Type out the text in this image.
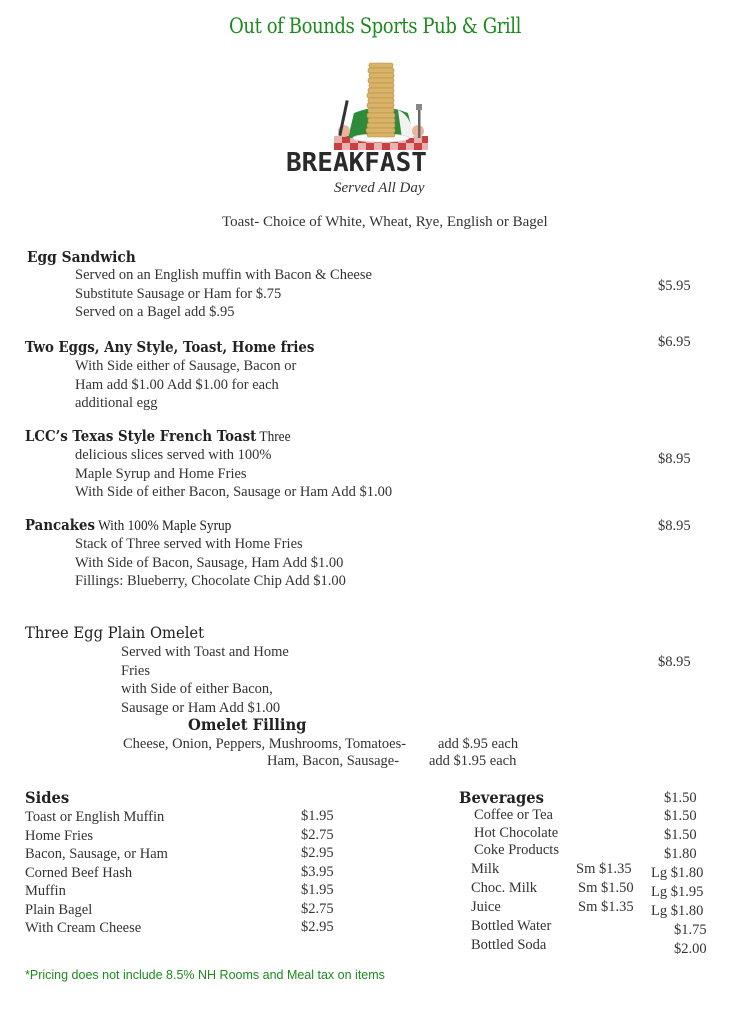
Out of Bounds Sports Pub & Grill
BREAKFAST
Served All Day
Toast- Choice of White, Wheat, Rye, English or Bagel
Egg Sandwich
Served on an English muffin with Bacon & Cheese
Substitute Sausage or Ham for $.75
Served on a Bagel add $.95
$5.95
Two Eggs, Any Style, Toast, Home fries	$6.95
With Side either of Sausage, Bacon or
Ham add $1.00 Add $1.00 for each
additional egg
LCC’s Texas Style French Toast Three
delicious slices served with 100%
Maple Syrup and Home Fries
With Side of either Bacon, Sausage or Ham Add $1.00
$8.95
Pancakes With 100% Maple Syrup	$8.95
Stack of Three served with Home Fries
With Side of Bacon, Sausage, Ham Add $1.00
Fillings: Blueberry, Chocolate Chip Add $1.00
Three Egg Plain Omelet
Served with Toast and Home
Fries
with Side of either Bacon,
Sausage or Ham Add $1.00
$8.95
Omelet Filling
Cheese, Onion, Peppers, Mushrooms, Tomatoes- add $.95 each
Ham, Bacon, Sausage- add $1.95 each
Sides
Toast or English Muffin	$1.95
Home Fries	$2.75
Bacon, Sausage, or Ham	$2.95
Corned Beef Hash	$3.95
Muffin	$1.95
Plain Bagel	$2.75
With Cream Cheese	$2.95
Beverages	$1.50
Coffee or Tea	$1.50
Hot Chocolate	$1.50
Coke Products	$1.80
Milk	Sm $1.35 Lg $1.80
Choc. Milk	Sm $1.50 Lg $1.95
Juice	Sm $1.35 Lg $1.80
Bottled Water	$1.75
Bottled Soda	$2.00
*Pricing does not include 8.5% NH Rooms and Meal tax on items
